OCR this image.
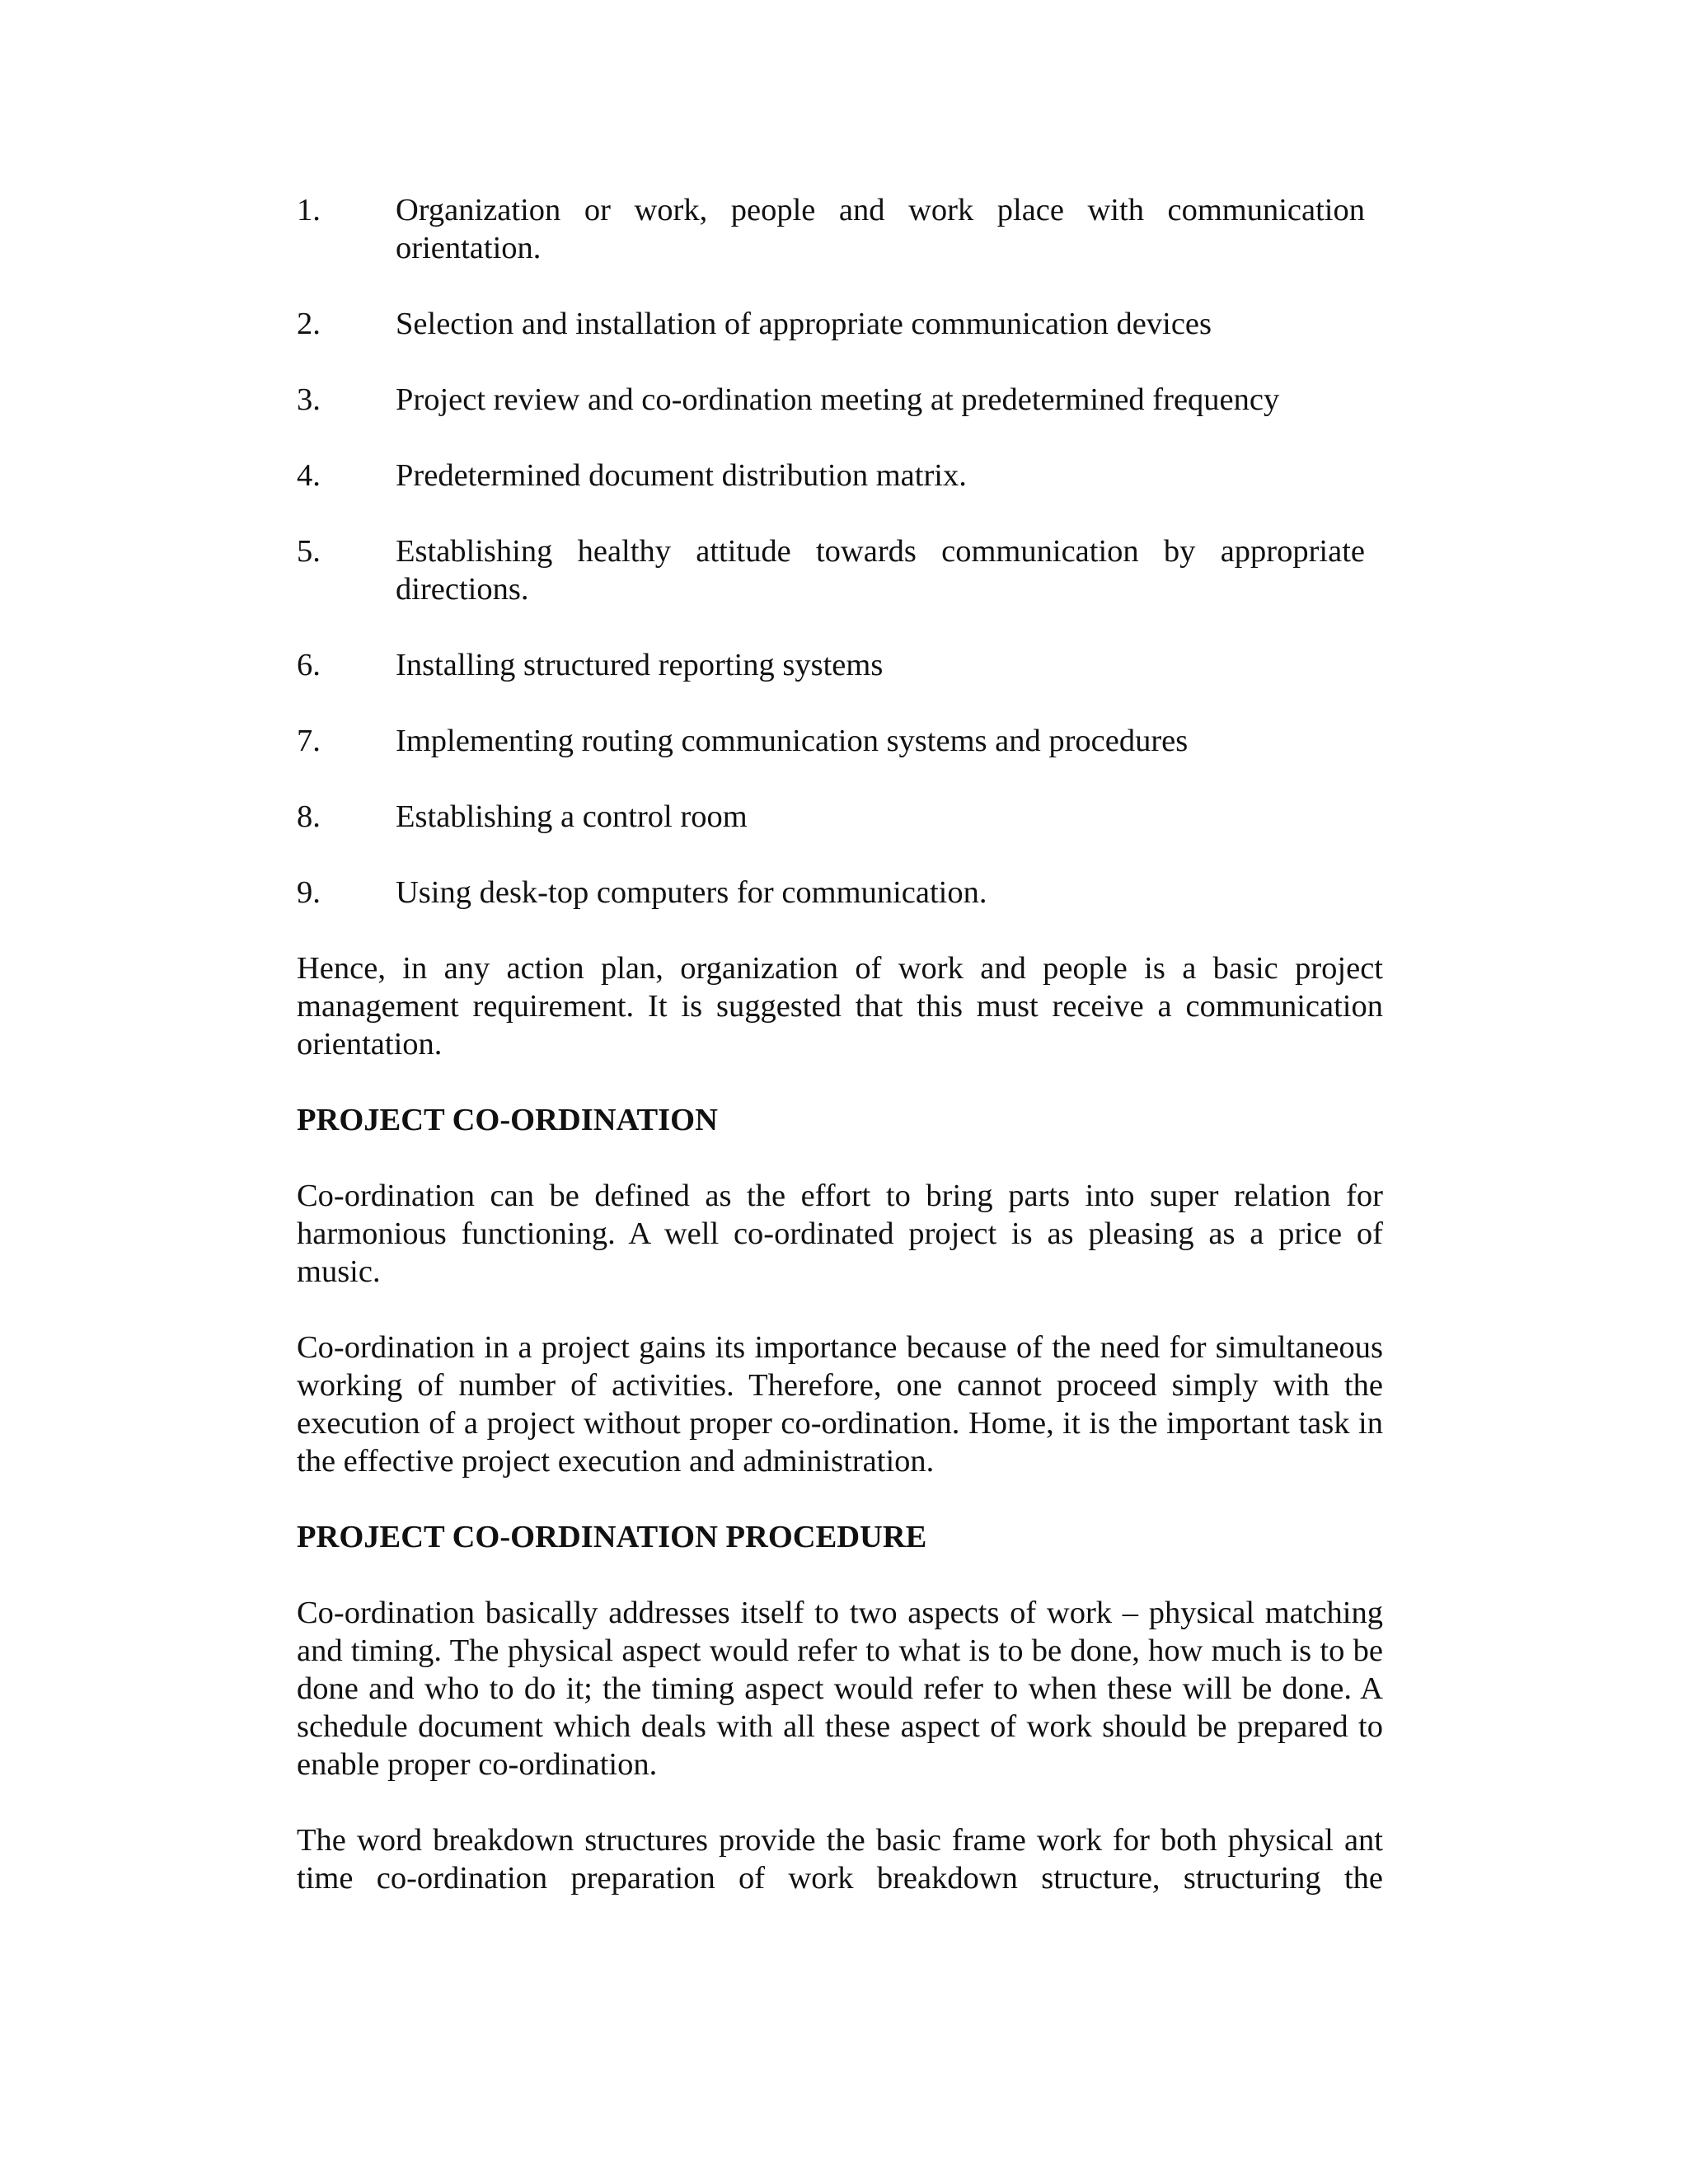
1.	Organization or work, people and work place with communication orientation.
2.	Selection and installation of appropriate communication devices
3.	Project review and co-ordination meeting at predetermined frequency
4.	Predetermined document distribution matrix.
5.	Establishing healthy attitude towards communication by appropriate directions.
6.	Installing structured reporting systems
7.	Implementing routing communication systems and procedures
8.	Establishing a control room
9.	Using desk-top computers for communication.

Hence, in any action plan, organization of work and people is a basic project management requirement. It is suggested that this must receive a communication orientation.

PROJECT CO-ORDINATION

Co-ordination can be defined as the effort to bring parts into super relation for harmonious functioning. A well co-ordinated project is as pleasing as a price of music.

Co-ordination in a project gains its importance because of the need for simultaneous working of number of activities. Therefore, one cannot proceed simply with the execution of a project without proper co-ordination. Home, it is the important task in the effective project execution and administration.

PROJECT CO-ORDINATION PROCEDURE

Co-ordination basically addresses itself to two aspects of work – physical matching and timing. The physical aspect would refer to what is to be done, how much is to be done and who to do it; the timing aspect would refer to when these will be done. A schedule document which deals with all these aspect of work should be prepared to enable proper co-ordination.

The word breakdown structures provide the basic frame work for both physical ant time co-ordination preparation of work breakdown structure, structuring the
